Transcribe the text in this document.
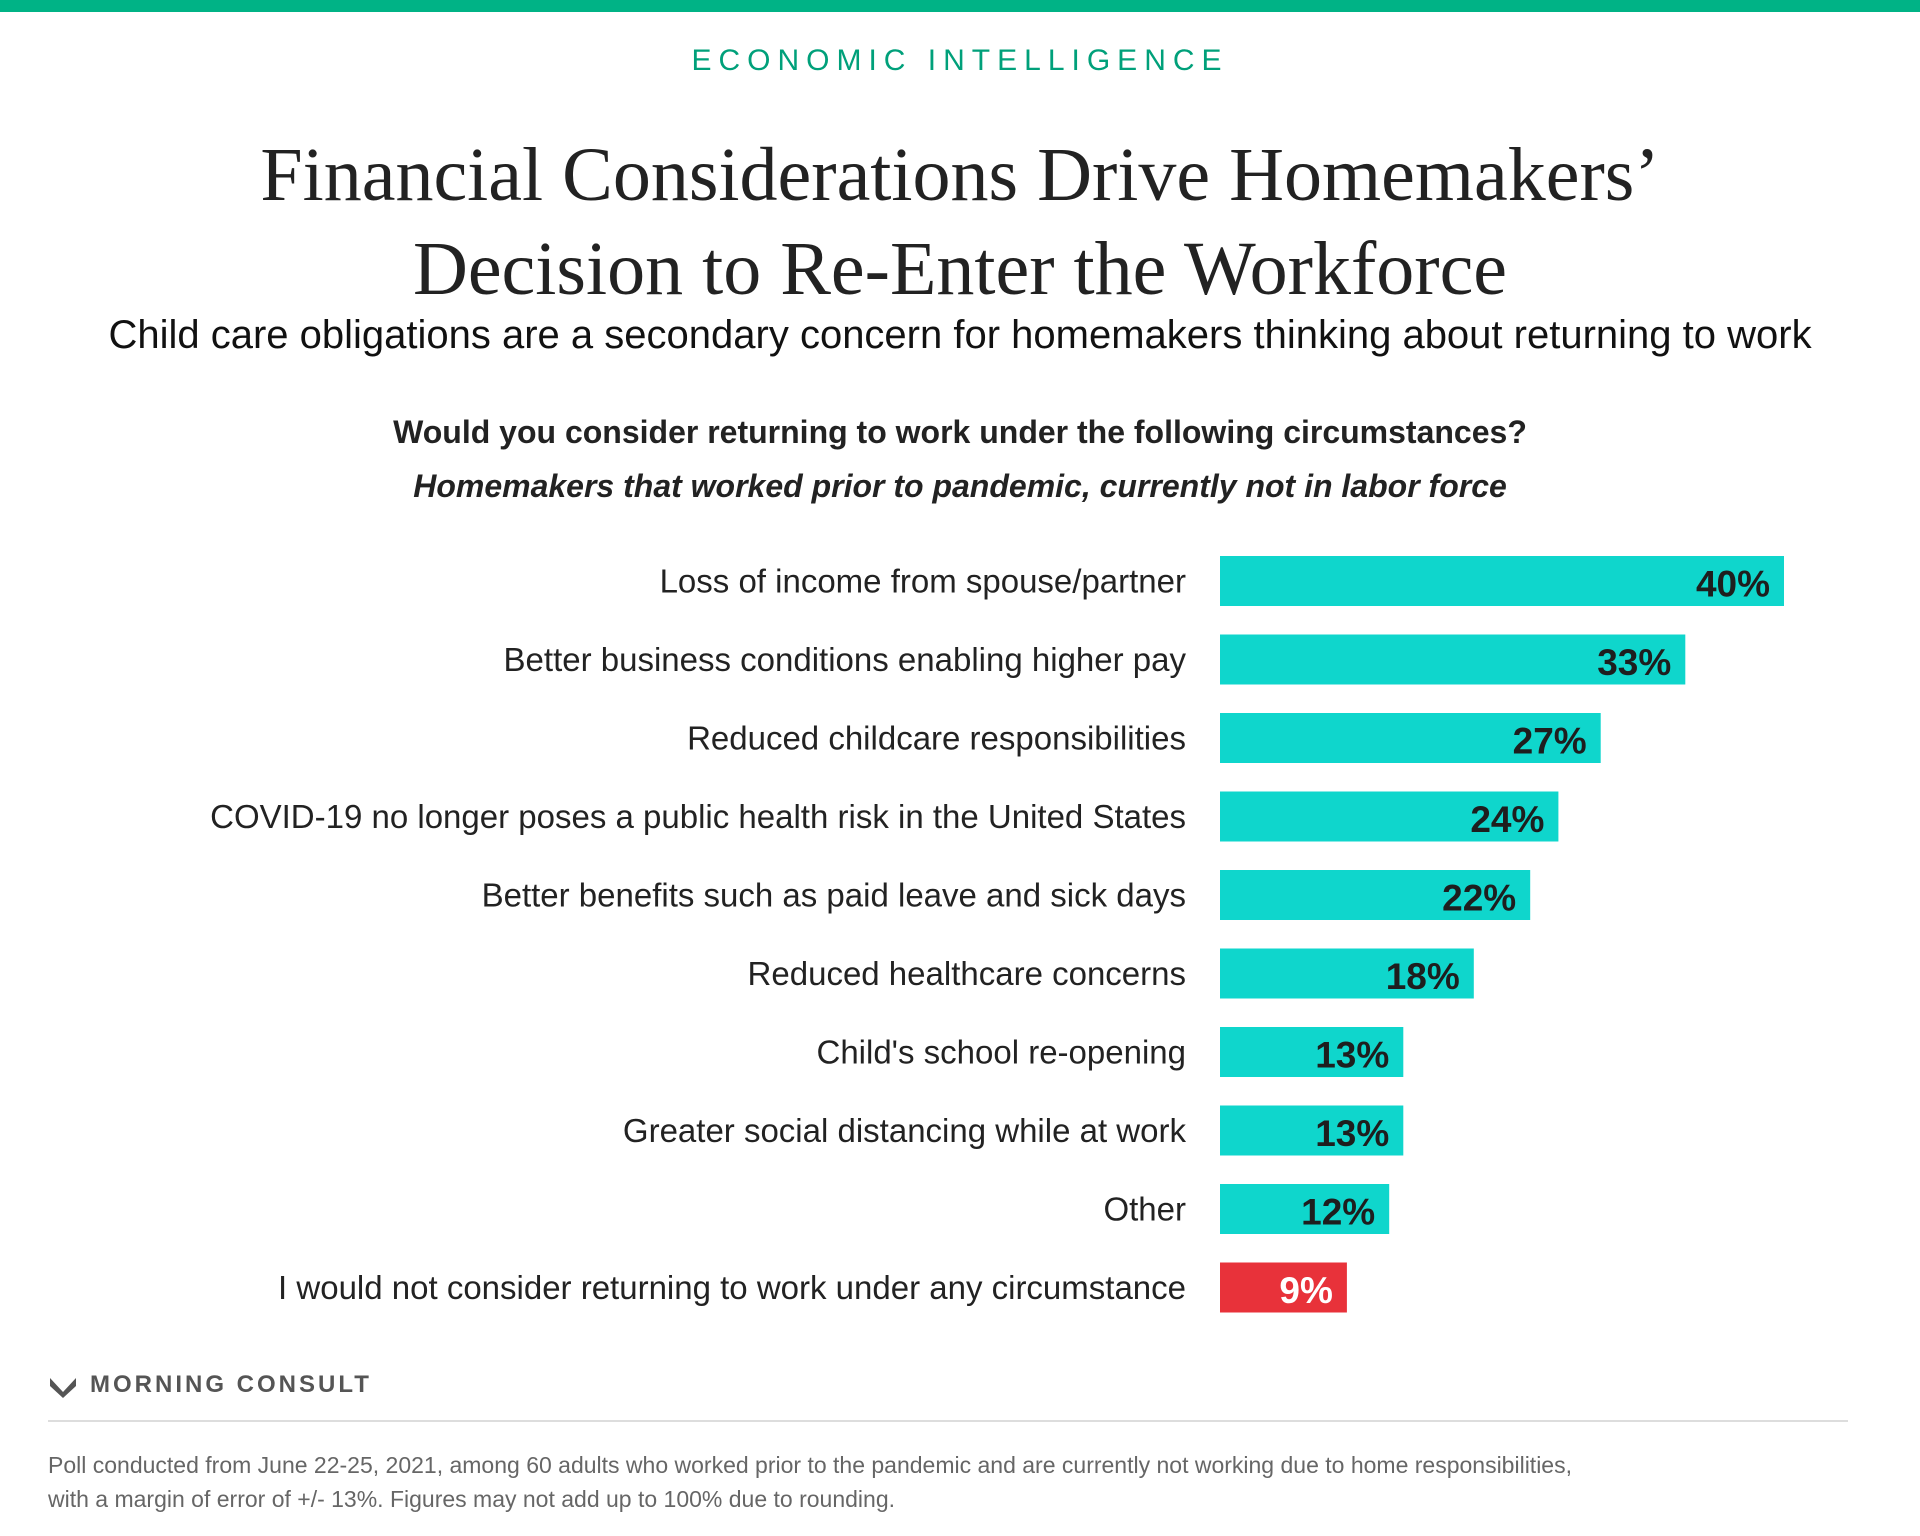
ECONOMIC INTELLIGENCE
Financial Considerations Drive Homemakers’
Decision to Re-Enter the Workforce
Child care obligations are a secondary concern for homemakers thinking about returning to work
Would you consider returning to work under the following circumstances?
Homemakers that worked prior to pandemic, currently not in labor force
Loss of income from spouse/partner	40%
Better business conditions enabling higher pay	33%
Reduced childcare responsibilities	27%
COVID-19 no longer poses a public health risk in the United States	24%
Better benefits such as paid leave and sick days	22%
Reduced healthcare concerns	18%
Child's school re-opening	13%
Greater social distancing while at work	13%
Other	12%
I would not consider returning to work under any circumstance	9%
MORNING CONSULT
Poll conducted from June 22-25, 2021, among 60 adults who worked prior to the pandemic and are currently not working due to home responsibilities,
with a margin of error of +/- 13%. Figures may not add up to 100% due to rounding.
